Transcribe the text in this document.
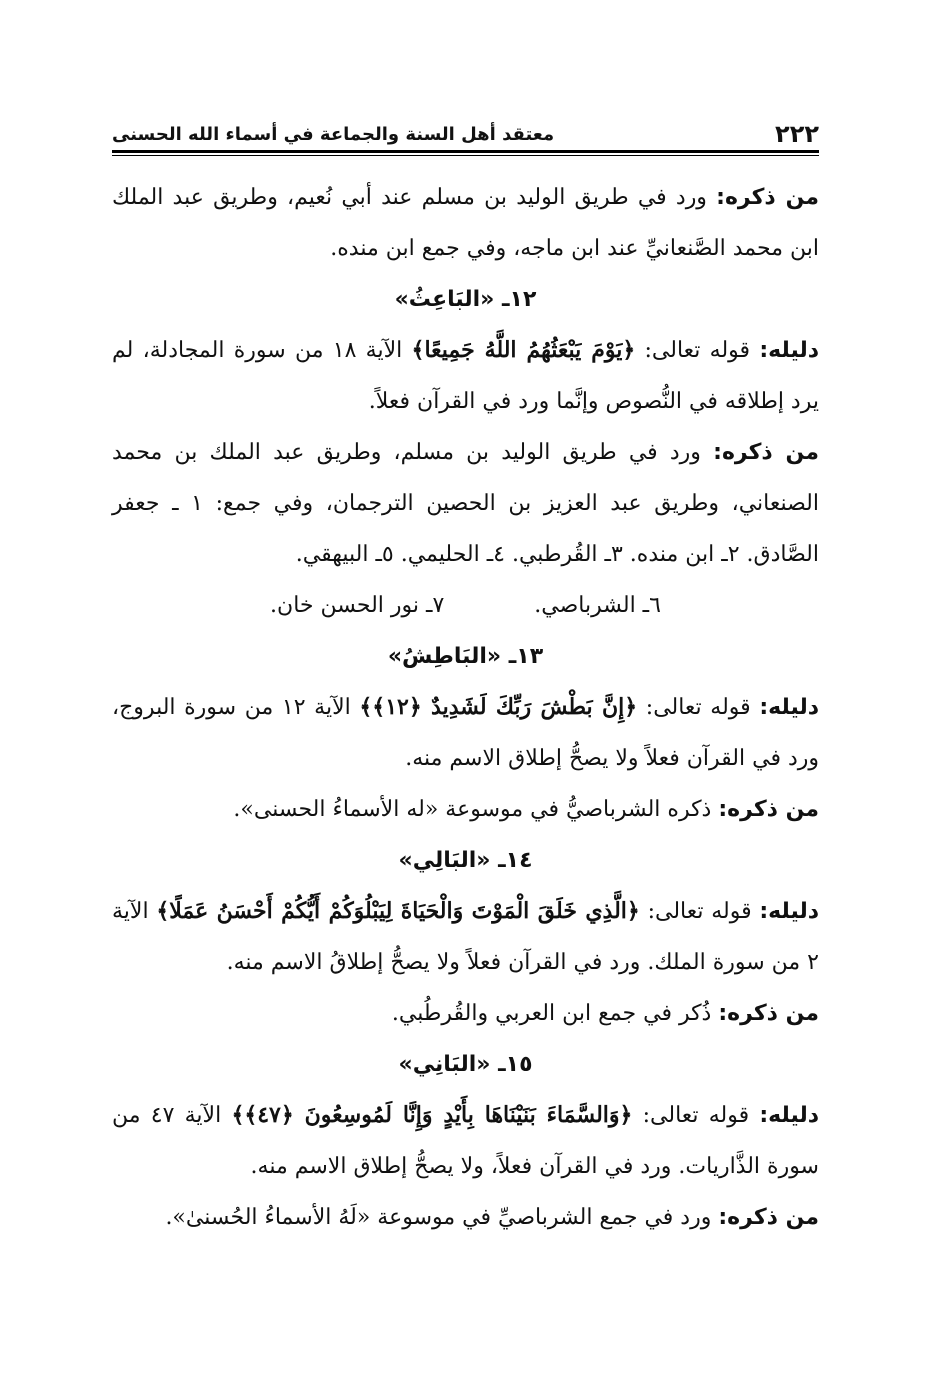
٢٢٢
معتقد أهل السنة والجماعة في أسماء الله الحسنى

من ذكره: ورد في طريق الوليد بن مسلم عند أبي نُعيم، وطريق عبد الملك ابن محمد الصَّنعانيِّ عند ابن ماجه، وفي جمع ابن منده.

١٢ـ «البَاعِثُ»

دليله: قوله تعالى: ﴿يَوْمَ يَبْعَثُهُمُ اللَّهُ جَمِيعًا﴾ الآية ١٨ من سورة المجادلة، لم يرد إطلاقه في النُّصوص وإنَّما ورد في القرآن فعلاً.

من ذكره: ورد في طريق الوليد بن مسلم، وطريق عبد الملك بن محمد الصنعاني، وطريق عبد العزيز بن الحصين الترجمان، وفي جمع: ١ ـ جعفر الصَّادق. ٢ـ ابن منده. ٣ـ القُرطبي. ٤ـ الحليمي. ٥ـ البيهقي.

٦ـ الشرباصي.
٧ـ نور الحسن خان.

١٣ـ «البَاطِشُ»

دليله: قوله تعالى: ﴿إِنَّ بَطْشَ رَبِّكَ لَشَدِيدٌ ﴿١٢﴾﴾ الآية ١٢ من سورة البروج، ورد في القرآن فعلاً ولا يصحُّ إطلاق الاسم منه.

من ذكره: ذكره الشرباصيُّ في موسوعة «له الأسماءُ الحسنى».

١٤ـ «البَالِي»

دليله: قوله تعالى: ﴿الَّذِي خَلَقَ الْمَوْتَ وَالْحَيَاةَ لِيَبْلُوَكُمْ أَيُّكُمْ أَحْسَنُ عَمَلًا﴾ الآية ٢ من سورة الملك. ورد في القرآن فعلاً ولا يصحُّ إطلاقُ الاسم منه.

من ذكره: ذُكر في جمع ابن العربي والقُرطُبي.

١٥ـ «البَانِي»

دليله: قوله تعالى: ﴿وَالسَّمَاءَ بَنَيْنَاهَا بِأَيْدٍ وَإِنَّا لَمُوسِعُونَ ﴿٤٧﴾﴾ الآية ٤٧ من سورة الذَّاريات. ورد في القرآن فعلاً، ولا يصحُّ إطلاق الاسم منه.

من ذكره: ورد في جمع الشرباصيِّ في موسوعة «لَهُ الأسماءُ الحُسنىٰ».
